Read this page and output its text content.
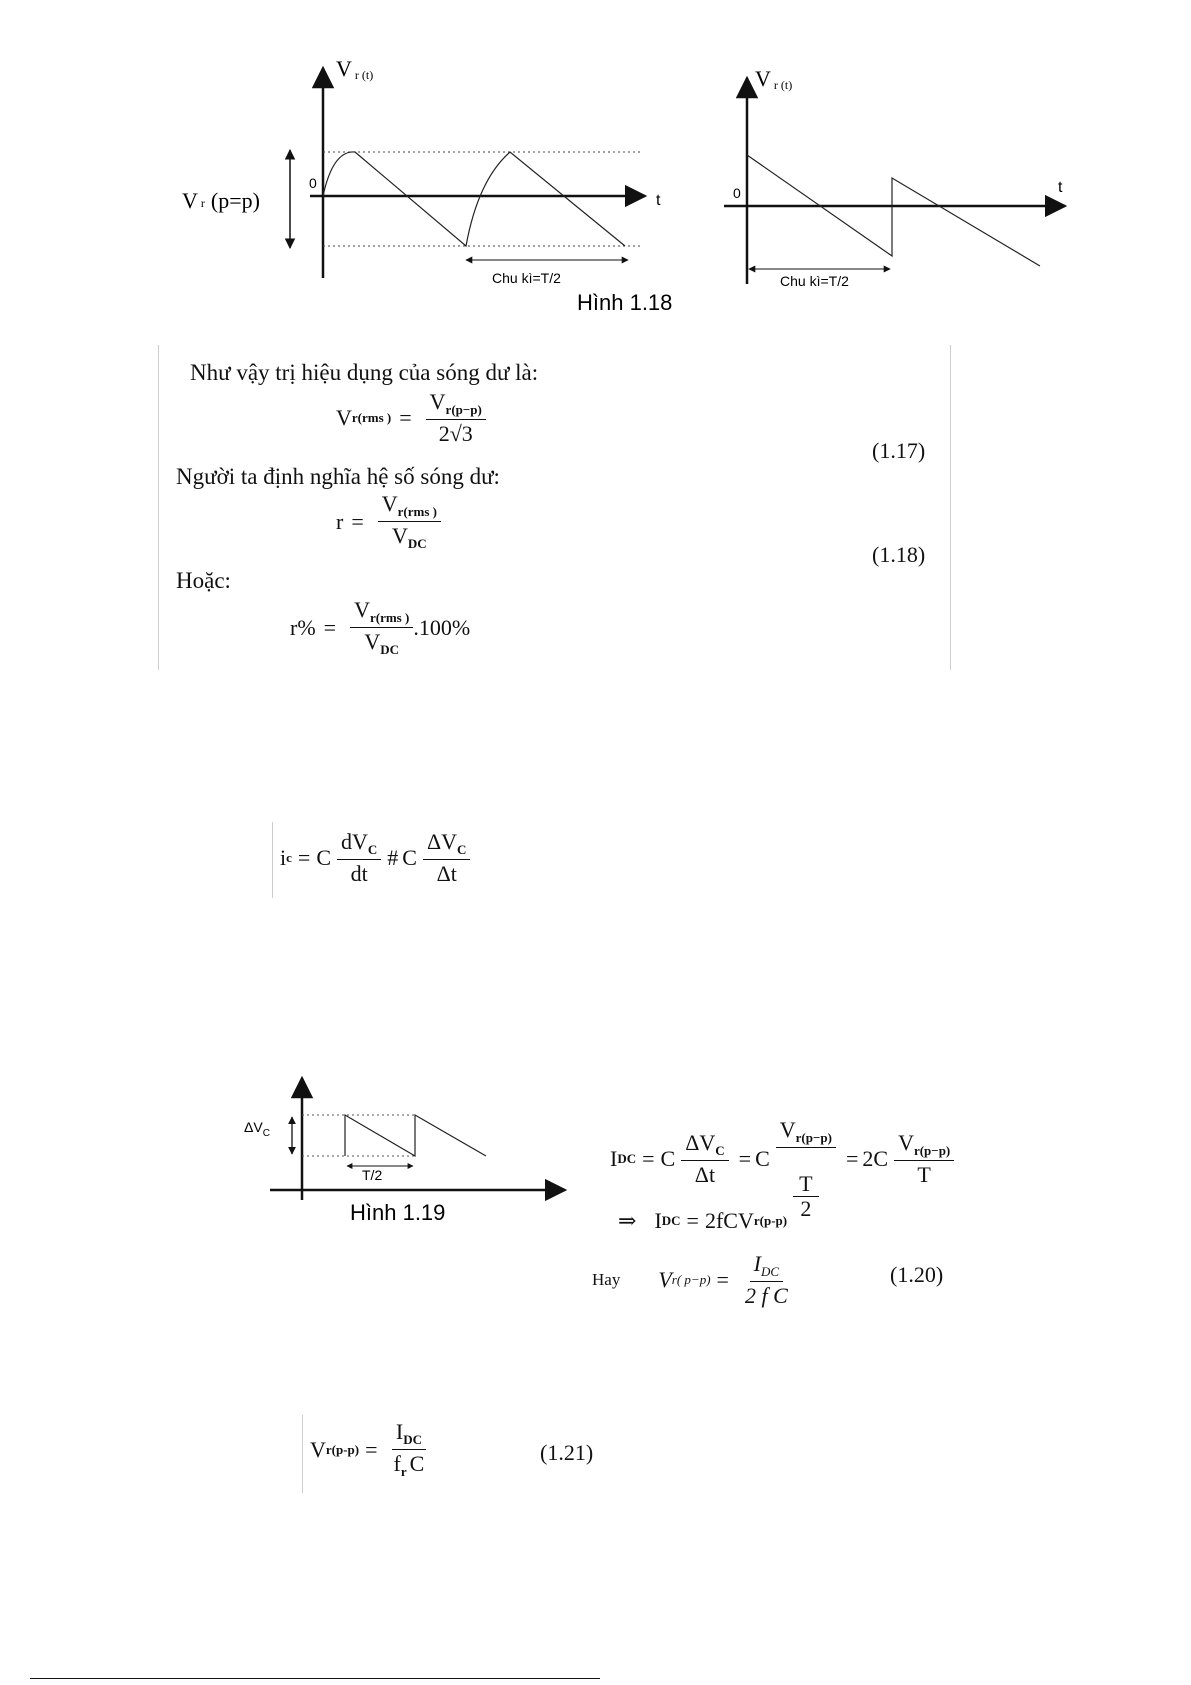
Vr (t)
t
0
Vr (p=p)
Chu kì=T/2
Vr (t)
t
0
Chu kì=T/2
Hình 1.18
Như vậy trị hiệu dụng của sóng dư là:
V r(rms ) = $\frac{V_{r(p-p)}}{2√3}$
(1.17)
Người ta định nghĩa hệ số sóng dư:
$r = \frac{V_{r(rms )}}{V_{DC}}$
(1.18)
Hoặc:
$r\% = \frac{V_{r(rms )}}{V_{DC}} .100\%$
i c = C $\frac{dV_C}{dt}$ # C $\frac{\Delta V_C}{\Delta t}$
$\Delta V_C$
T/2
Hình 1.19
I DC = C $\frac{\Delta V_C}{\Delta t} = C$ $V_{r(p-p)}$
T
$2 = 2C \frac{V_{r(p-p)}}{T}$
⇒ I DC = 2fCV r(p-p)
Hay V r( $p-p) = \frac{I_{DC}}{\text{2 f C}}$	(1.20)
V $r(p-p) = \frac{I_{DC}}{f_r C}$	(1.21)
